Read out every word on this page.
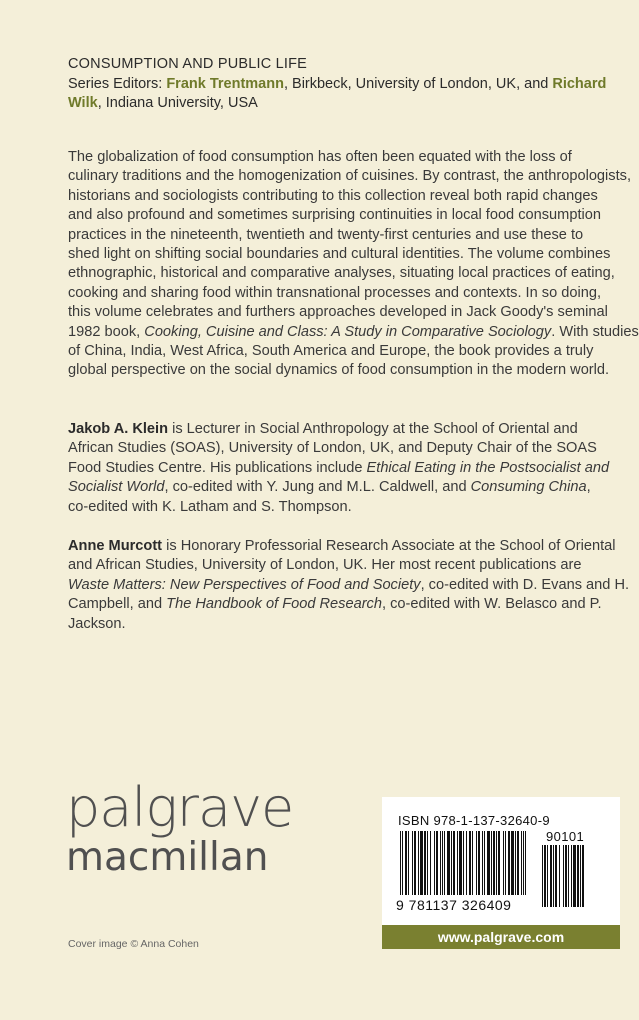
CONSUMPTION AND PUBLIC LIFE
Series Editors: Frank Trentmann, Birkbeck, University of London, UK, and Richard
Wilk, Indiana University, USA
The globalization of food consumption has often been equated with the loss of
culinary traditions and the homogenization of cuisines. By contrast, the anthropologists,
historians and sociologists contributing to this collection reveal both rapid changes
and also profound and sometimes surprising continuities in local food consumption
practices in the nineteenth, twentieth and twenty-first centuries and use these to
shed light on shifting social boundaries and cultural identities. The volume combines
ethnographic, historical and comparative analyses, situating local practices of eating,
cooking and sharing food within transnational processes and contexts. In so doing,
this volume celebrates and furthers approaches developed in Jack Goody's seminal
1982 book, Cooking, Cuisine and Class: A Study in Comparative Sociology. With studies
of China, India, West Africa, South America and Europe, the book provides a truly
global perspective on the social dynamics of food consumption in the modern world.
Jakob A. Klein is Lecturer in Social Anthropology at the School of Oriental and
African Studies (SOAS), University of London, UK, and Deputy Chair of the SOAS
Food Studies Centre. His publications include Ethical Eating in the Postsocialist and
Socialist World, co-edited with Y. Jung and M.L. Caldwell, and Consuming China,
co-edited with K. Latham and S. Thompson.
Anne Murcott is Honorary Professorial Research Associate at the School of Oriental
and African Studies, University of London, UK. Her most recent publications are
Waste Matters: New Perspectives of Food and Society, co-edited with D. Evans and H.
Campbell, and The Handbook of Food Research, co-edited with W. Belasco and P.
Jackson.
palgrave
macmillan
Cover image © Anna Cohen
ISBN 978-1-137-32640-9
90101
9 781137 326409
www.palgrave.com
